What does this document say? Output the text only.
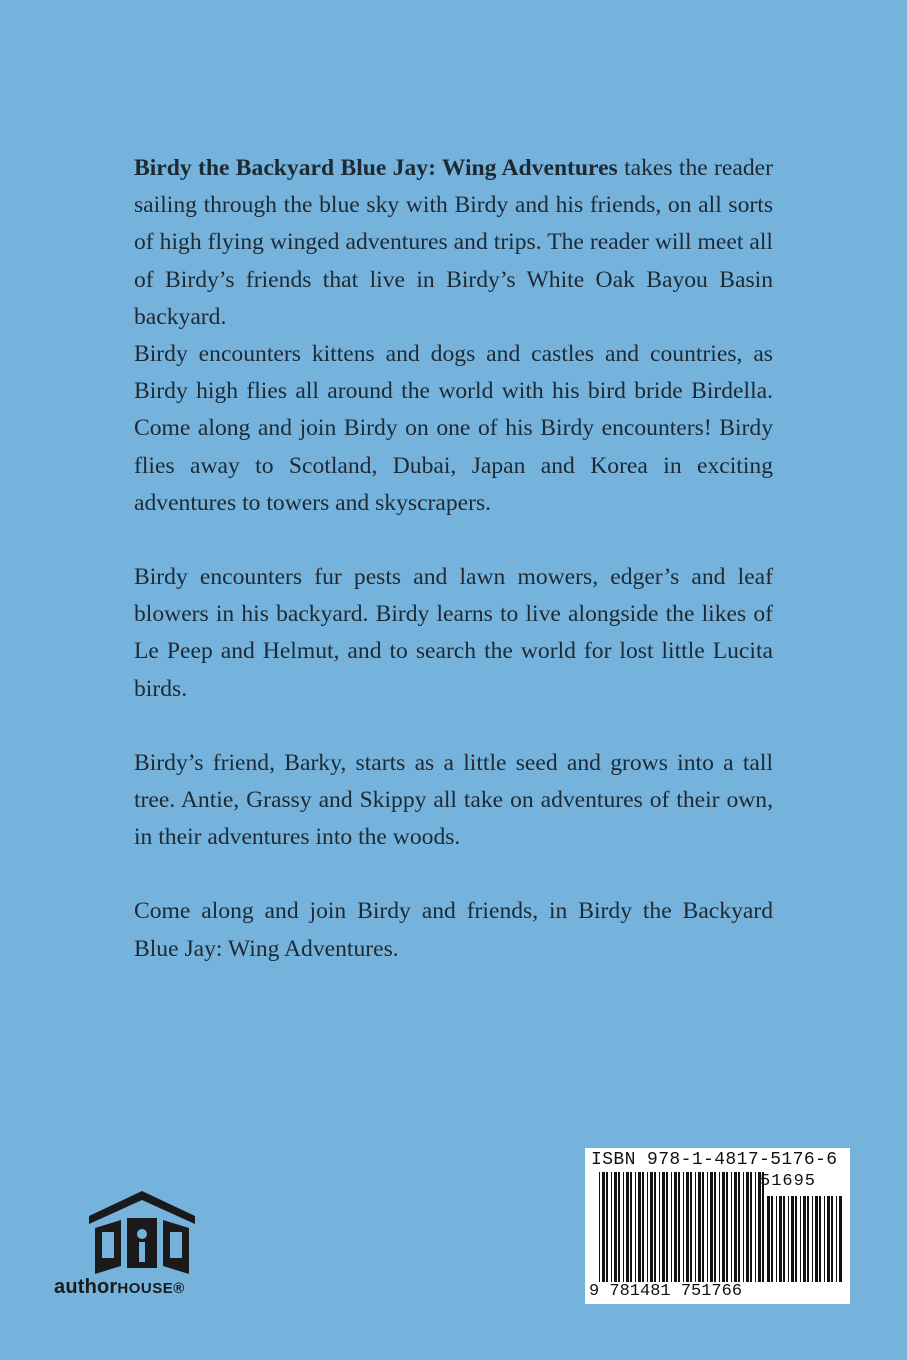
Birdy the Backyard Blue Jay: Wing Adventures takes the reader sailing through the blue sky with Birdy and his friends, on all sorts of high flying winged adventures and trips. The reader will meet all of Birdy’s friends that live in Birdy’s White Oak Bayou Basin backyard.

Birdy encounters kittens and dogs and castles and countries, as Birdy high flies all around the world with his bird bride Birdella. Come along and join Birdy on one of his Birdy encounters! Birdy flies away to Scotland, Dubai, Japan and Korea in exciting adventures to towers and skyscrapers.

Birdy encounters fur pests and lawn mowers, edger’s and leaf blowers in his backyard. Birdy learns to live alongside the likes of Le Peep and Helmut, and to search the world for lost little Lucita birds.

Birdy’s friend, Barky, starts as a little seed and grows into a tall tree. Antie, Grassy and Skippy all take on adventures of their own, in their adventures into the woods.

Come along and join Birdy and friends, in Birdy the Backyard Blue Jay: Wing Adventures.

authorHOUSE®
ISBN 978-1-4817-5176-6
51695
9 781481 751766
